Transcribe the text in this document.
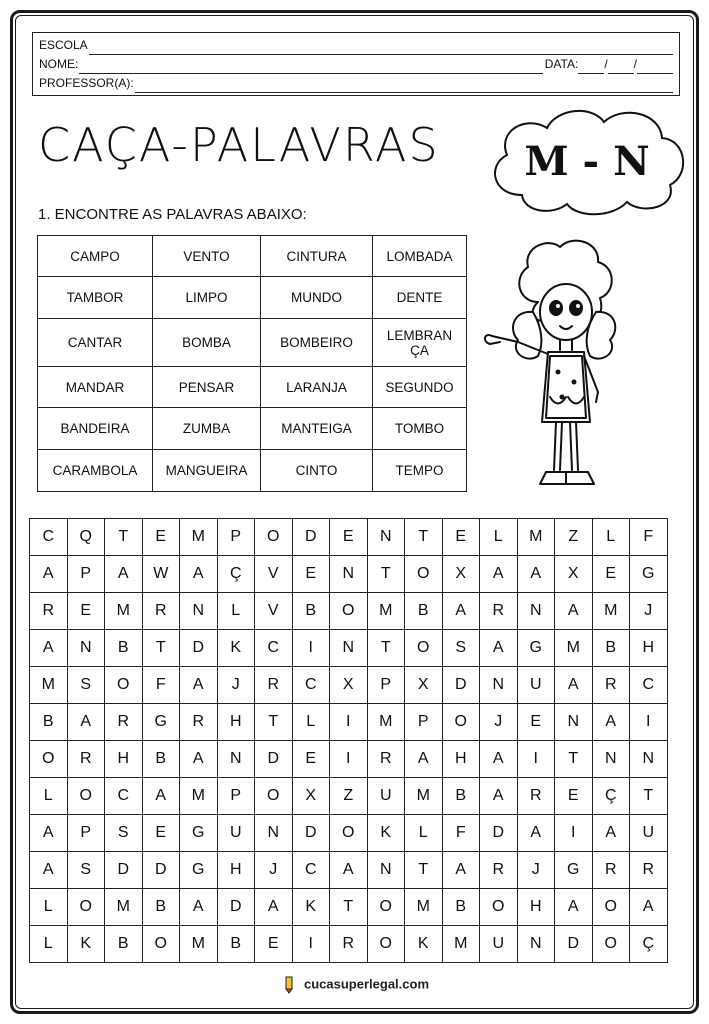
ESCOLA
NOME:	DATA: / /
PROFESSOR(A):
CAÇA-PALAVRAS	M - N
1. ENCONTRE AS PALAVRAS ABAIXO:
CAMPO	VENTO	CINTURA	LOMBADA
TAMBOR	LIMPO	MUNDO	DENTE
CANTAR	BOMBA	BOMBEIRO	LEMBRAN
ÇA
MANDAR	PENSAR	LARANJA	SEGUNDO
BANDEIRA	ZUMBA	MANTEIGA	TOMBO
CARAMBOLA	MANGUEIRA	CINTO	TEMPO
C	Q	T	E	M	P	O	D	E	N	T	E	L	M	Z	L	F
A	P	A	W	A	Ç	V	E	N	T	O	X	A	A	X	E	G
R	E	M	R	N	L	V	B	O	M	B	A	R	N	A	M	J
A	N	B	T	D	K	C	I	N	T	O	S	A	G	M	B	H
M	S	O	F	A	J	R	C	X	P	X	D	N	U	A	R	C
B	A	R	G	R	H	T	L	I	M	P	O	J	E	N	A	I
O	R	H	B	A	N	D	E	I	R	A	H	A	I	T	N	N
L	O	C	A	M	P	O	X	Z	U	M	B	A	R	E	Ç	T
A	P	S	E	G	U	N	D	O	K	L	F	D	A	I	A	U
A	S	D	D	G	H	J	C	A	N	T	A	R	J	G	R	R
L	O	M	B	A	D	A	K	T	O	M	B	O	H	A	O	A
L	K	B	O	M	B	E	I	R	O	K	M	U	N	D	O	Ç
cucasuperlegal.com
